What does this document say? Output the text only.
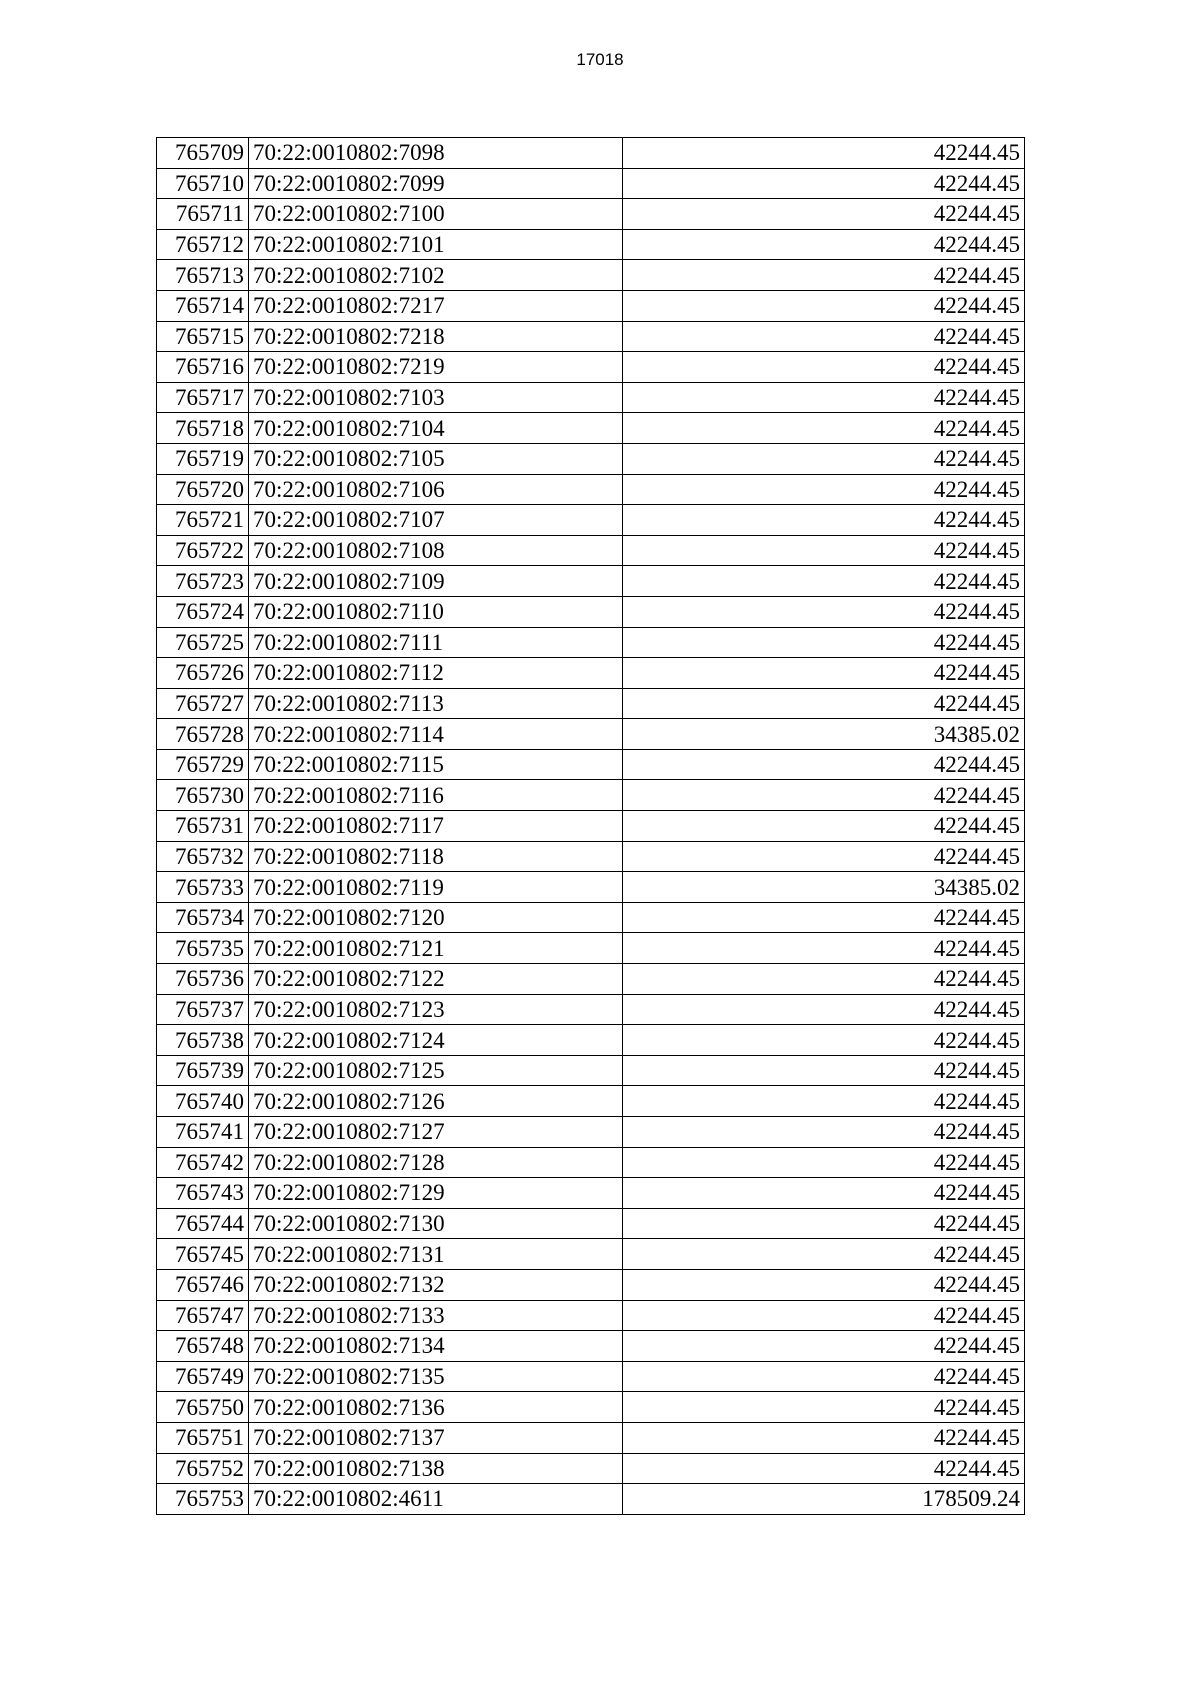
17018
765709	70:22:0010802:7098	42244.45
765710	70:22:0010802:7099	42244.45
765711	70:22:0010802:7100	42244.45
765712	70:22:0010802:7101	42244.45
765713	70:22:0010802:7102	42244.45
765714	70:22:0010802:7217	42244.45
765715	70:22:0010802:7218	42244.45
765716	70:22:0010802:7219	42244.45
765717	70:22:0010802:7103	42244.45
765718	70:22:0010802:7104	42244.45
765719	70:22:0010802:7105	42244.45
765720	70:22:0010802:7106	42244.45
765721	70:22:0010802:7107	42244.45
765722	70:22:0010802:7108	42244.45
765723	70:22:0010802:7109	42244.45
765724	70:22:0010802:7110	42244.45
765725	70:22:0010802:7111	42244.45
765726	70:22:0010802:7112	42244.45
765727	70:22:0010802:7113	42244.45
765728	70:22:0010802:7114	34385.02
765729	70:22:0010802:7115	42244.45
765730	70:22:0010802:7116	42244.45
765731	70:22:0010802:7117	42244.45
765732	70:22:0010802:7118	42244.45
765733	70:22:0010802:7119	34385.02
765734	70:22:0010802:7120	42244.45
765735	70:22:0010802:7121	42244.45
765736	70:22:0010802:7122	42244.45
765737	70:22:0010802:7123	42244.45
765738	70:22:0010802:7124	42244.45
765739	70:22:0010802:7125	42244.45
765740	70:22:0010802:7126	42244.45
765741	70:22:0010802:7127	42244.45
765742	70:22:0010802:7128	42244.45
765743	70:22:0010802:7129	42244.45
765744	70:22:0010802:7130	42244.45
765745	70:22:0010802:7131	42244.45
765746	70:22:0010802:7132	42244.45
765747	70:22:0010802:7133	42244.45
765748	70:22:0010802:7134	42244.45
765749	70:22:0010802:7135	42244.45
765750	70:22:0010802:7136	42244.45
765751	70:22:0010802:7137	42244.45
765752	70:22:0010802:7138	42244.45
765753	70:22:0010802:4611	178509.24
